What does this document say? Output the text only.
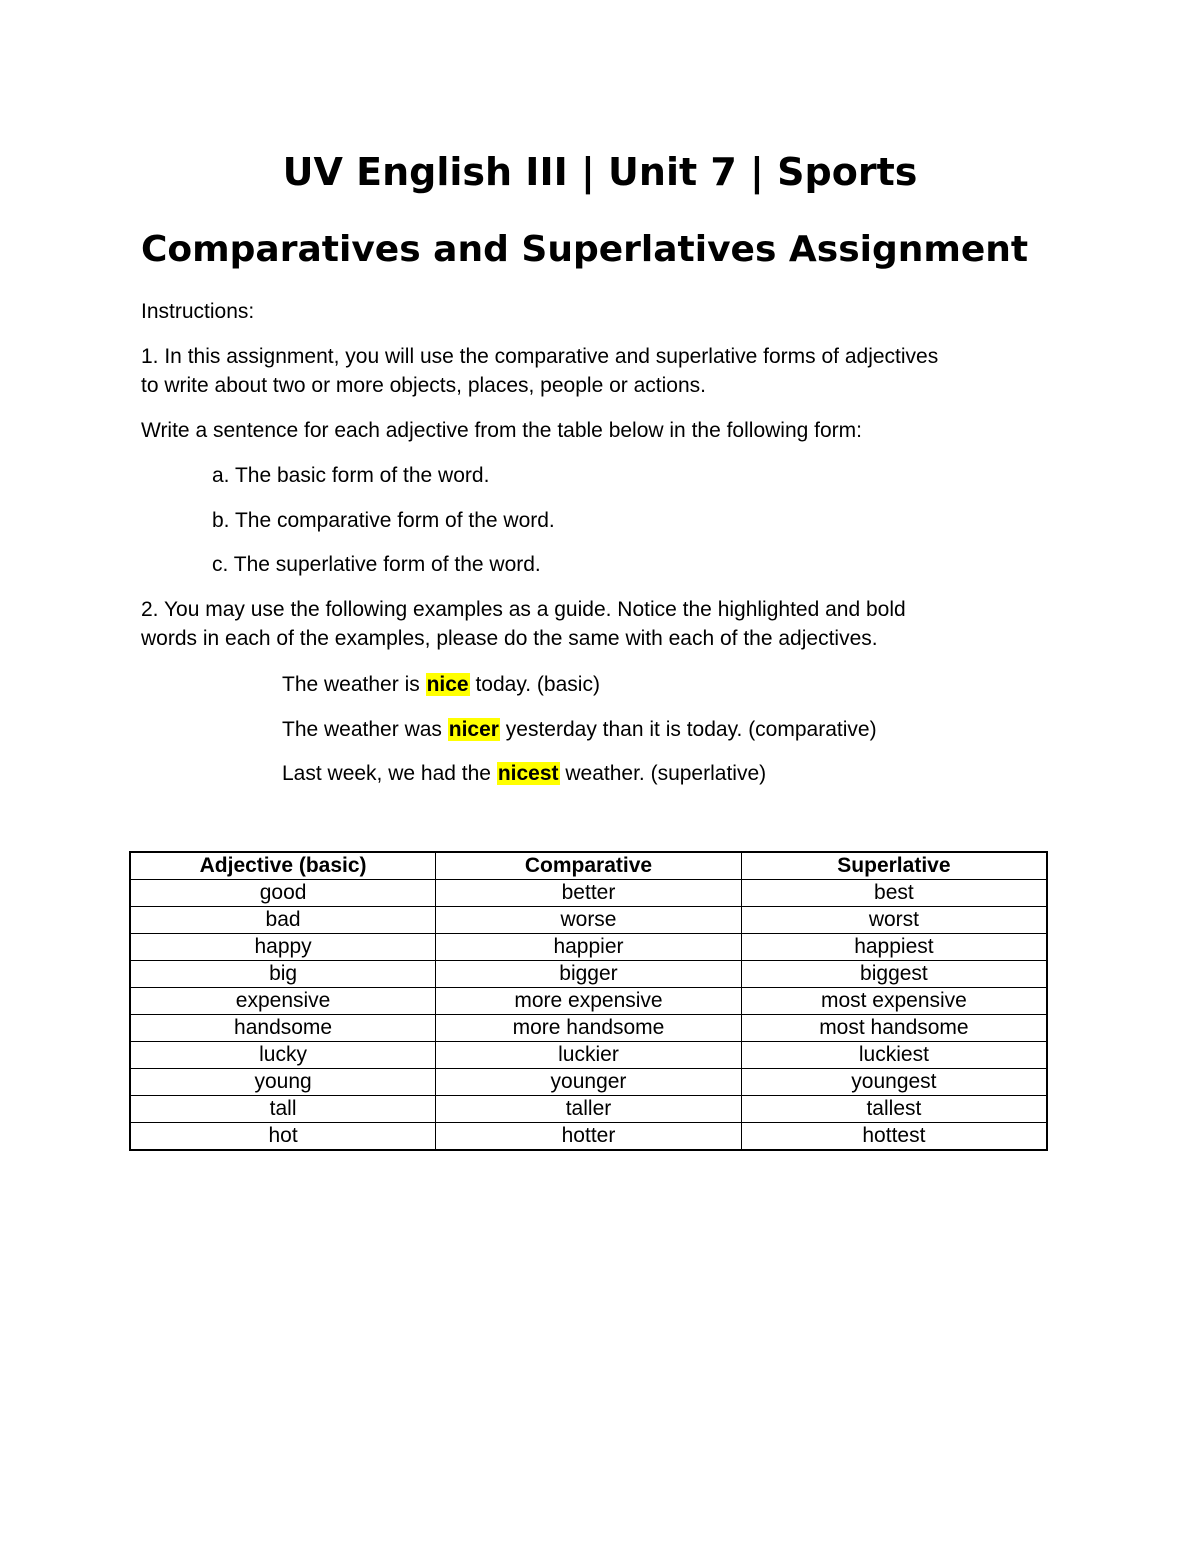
UV English III | Unit 7 | Sports
Comparatives and Superlatives Assignment

Instructions:

1. In this assignment, you will use the comparative and superlative forms of adjectives

to write about two or more objects, places, people or actions.

Write a sentence for each adjective from the table below in the following form:

a. The basic form of the word.

b. The comparative form of the word.

c. The superlative form of the word.

2. You may use the following examples as a guide. Notice the highlighted and bold

words in each of the examples, please do the same with each of the adjectives.

The weather is nice today. (basic)

The weather was nicer yesterday than it is today. (comparative)

Last week, we had the nicest weather. (superlative)

Adjective (basic)	Comparative	Superlative
good	better	best
bad	worse	worst
happy	happier	happiest
big	bigger	biggest
expensive	more expensive	most expensive
handsome	more handsome	most handsome
lucky	luckier	luckiest
young	younger	youngest
tall	taller	tallest
hot	hotter	hottest
